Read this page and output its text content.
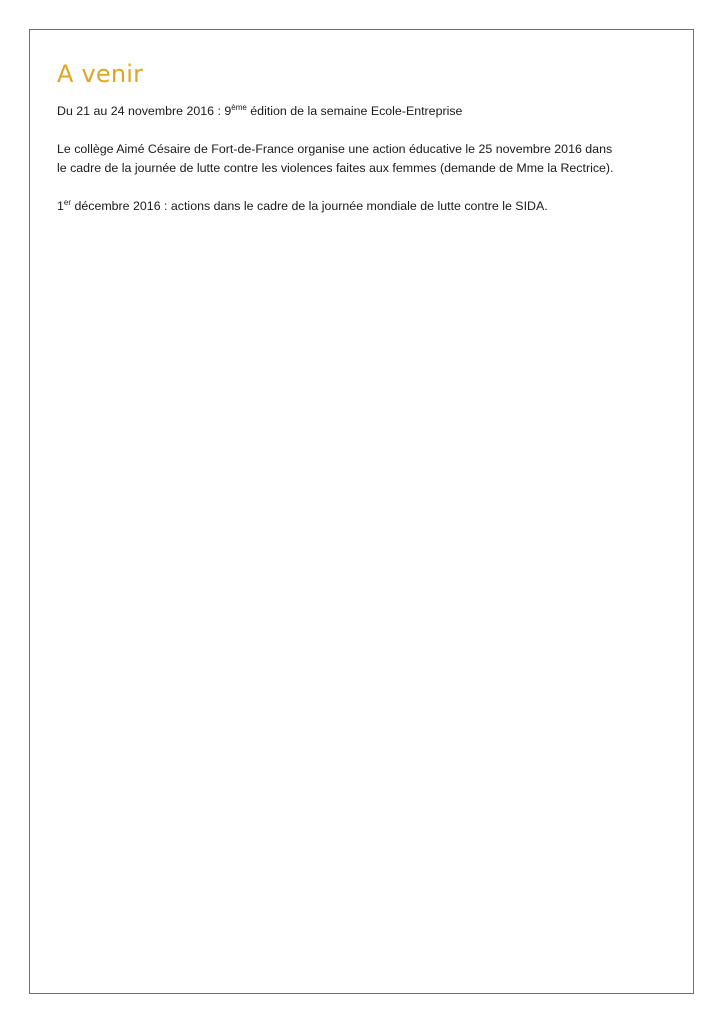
A venir

Du 21 au 24 novembre 2016 : 9ème édition de la semaine Ecole-Entreprise

Le collège Aimé Césaire de Fort-de-France organise une action éducative le 25 novembre 2016 dans le cadre de la journée de lutte contre les violences faites aux femmes (demande de Mme la Rectrice).

1er décembre 2016 : actions dans le cadre de la journée mondiale de lutte contre le SIDA.
